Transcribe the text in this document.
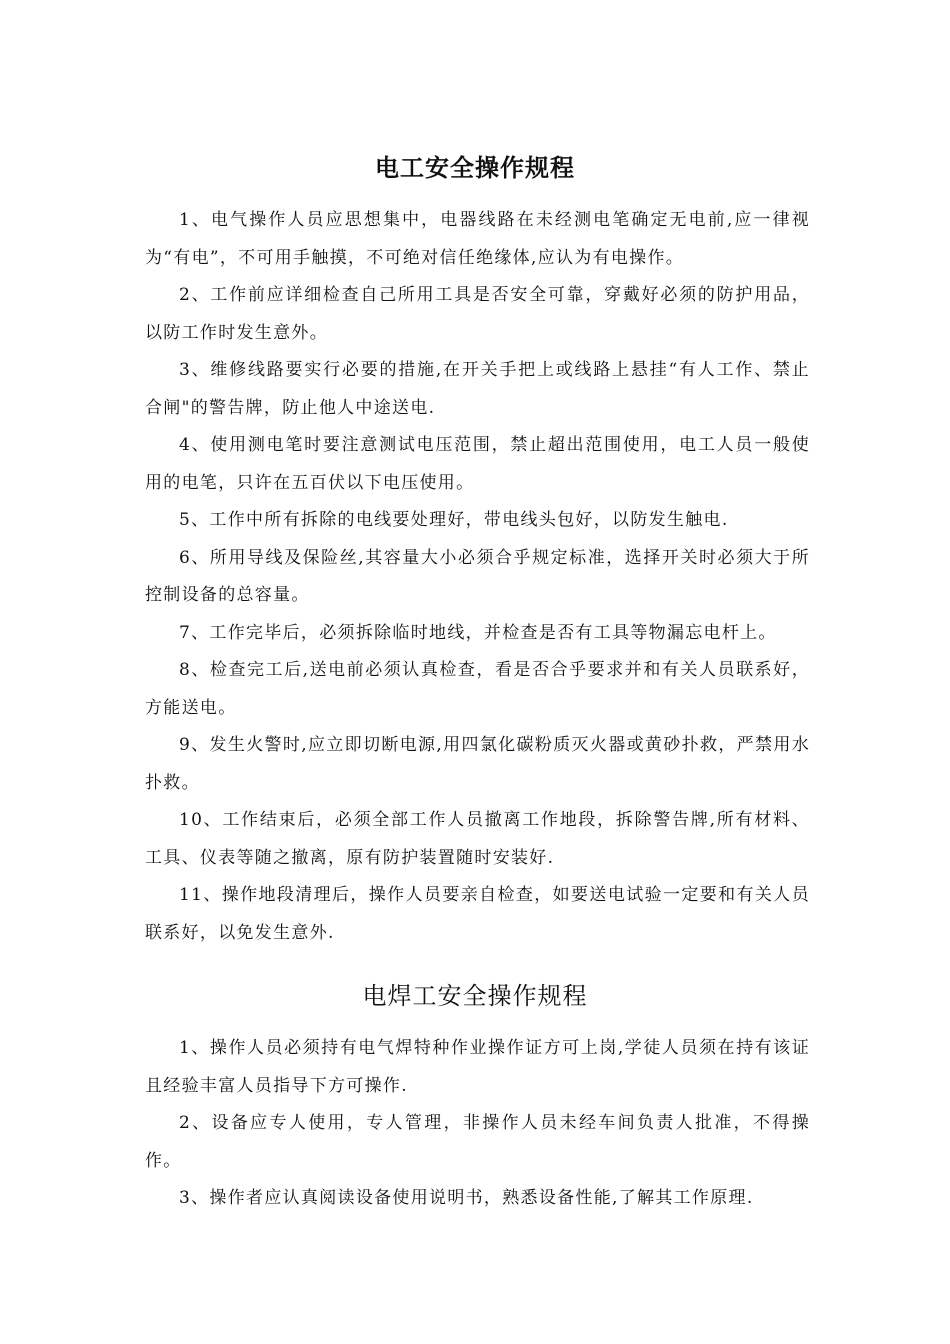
电工安全操作规程

1、电气操作人员应思想集中，电器线路在未经测电笔确定无电前,应一律视为“有电”，不可用手触摸，不可绝对信任绝缘体,应认为有电操作。

2、工作前应详细检查自己所用工具是否安全可靠，穿戴好必须的防护用品，以防工作时发生意外。

3、维修线路要实行必要的措施,在开关手把上或线路上悬挂“有人工作、禁止合闸"的警告牌，防止他人中途送电.

4、使用测电笔时要注意测试电压范围，禁止超出范围使用，电工人员一般使用的电笔，只许在五百伏以下电压使用。

5、工作中所有拆除的电线要处理好，带电线头包好，以防发生触电.

6、所用导线及保险丝,其容量大小必须合乎规定标准，选择开关时必须大于所控制设备的总容量。

7、工作完毕后，必须拆除临时地线，并检查是否有工具等物漏忘电杆上。

8、检查完工后,送电前必须认真检查，看是否合乎要求并和有关人员联系好，方能送电。

9、发生火警时,应立即切断电源,用四氯化碳粉质灭火器或黄砂扑救，严禁用水扑救。

10、工作结束后，必须全部工作人员撤离工作地段，拆除警告牌,所有材料、工具、仪表等随之撤离，原有防护装置随时安装好.

11、操作地段清理后，操作人员要亲自检查，如要送电试验一定要和有关人员联系好，以免发生意外.

电焊工安全操作规程

1、操作人员必须持有电气焊特种作业操作证方可上岗,学徒人员须在持有该证且经验丰富人员指导下方可操作.

2、设备应专人使用，专人管理，非操作人员未经车间负责人批准，不得操作。

3、操作者应认真阅读设备使用说明书，熟悉设备性能,了解其工作原理.
